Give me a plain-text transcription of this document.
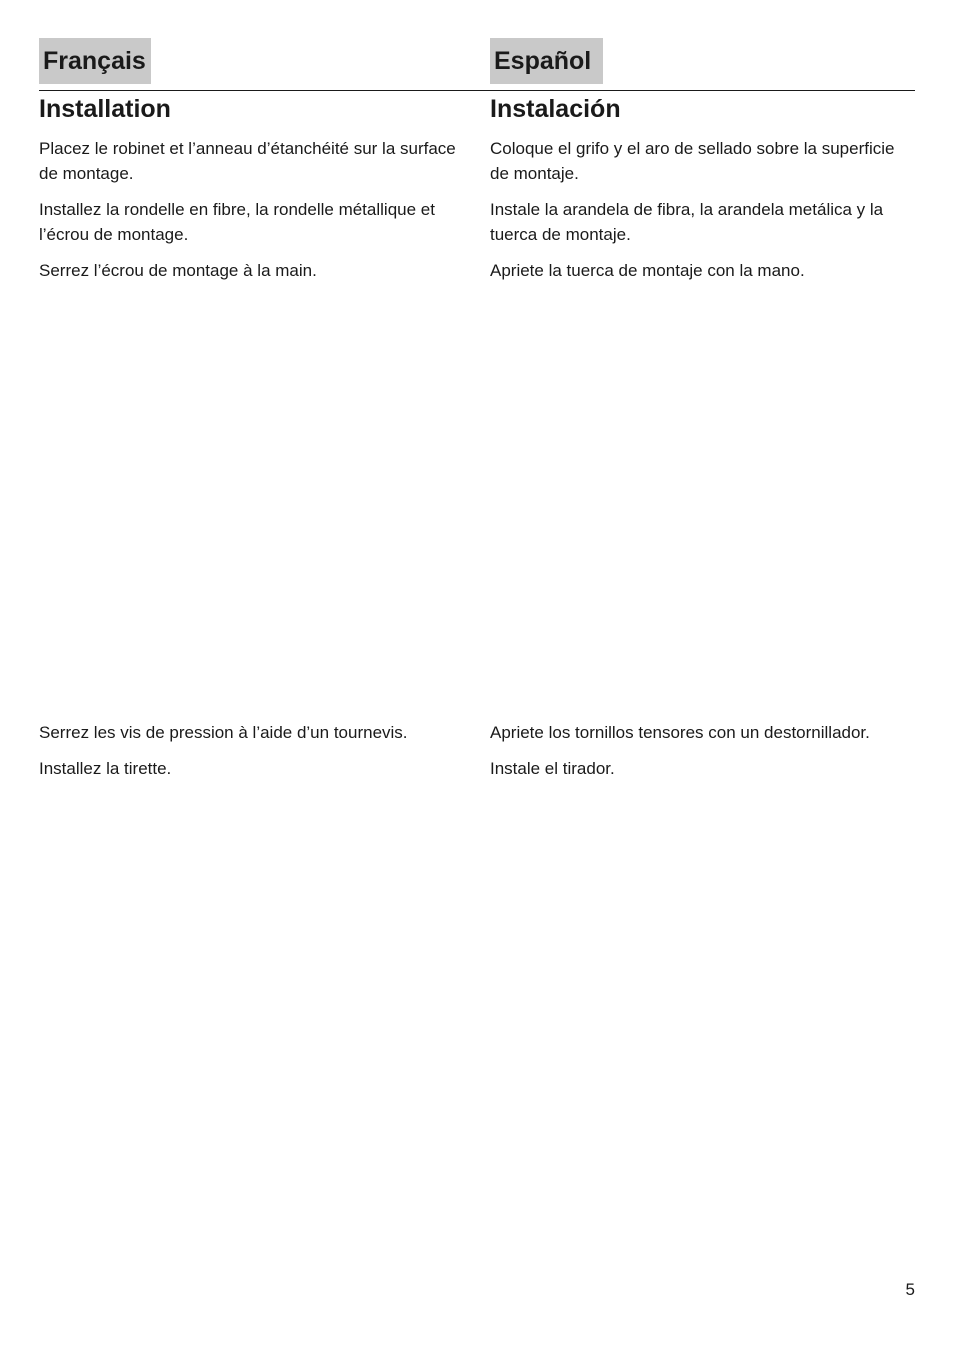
Français	Español
Installation

Placez le robinet et l’anneau d’étanchéité sur la surface de montage.

Installez la rondelle en fibre, la rondelle métallique et l’écrou de montage.

Serrez l’écrou de montage à la main.

Instalación

Coloque el grifo y el aro de sellado sobre la superficie de montaje.

Instale la arandela de fibra, la arandela metálica y la tuerca de montaje.

Apriete la tuerca de montaje con la mano.

Serrez les vis de pression à l’aide d’un tournevis.

Installez la tirette.

Apriete los tornillos tensores con un destornillador.

Instale el tirador.

5
